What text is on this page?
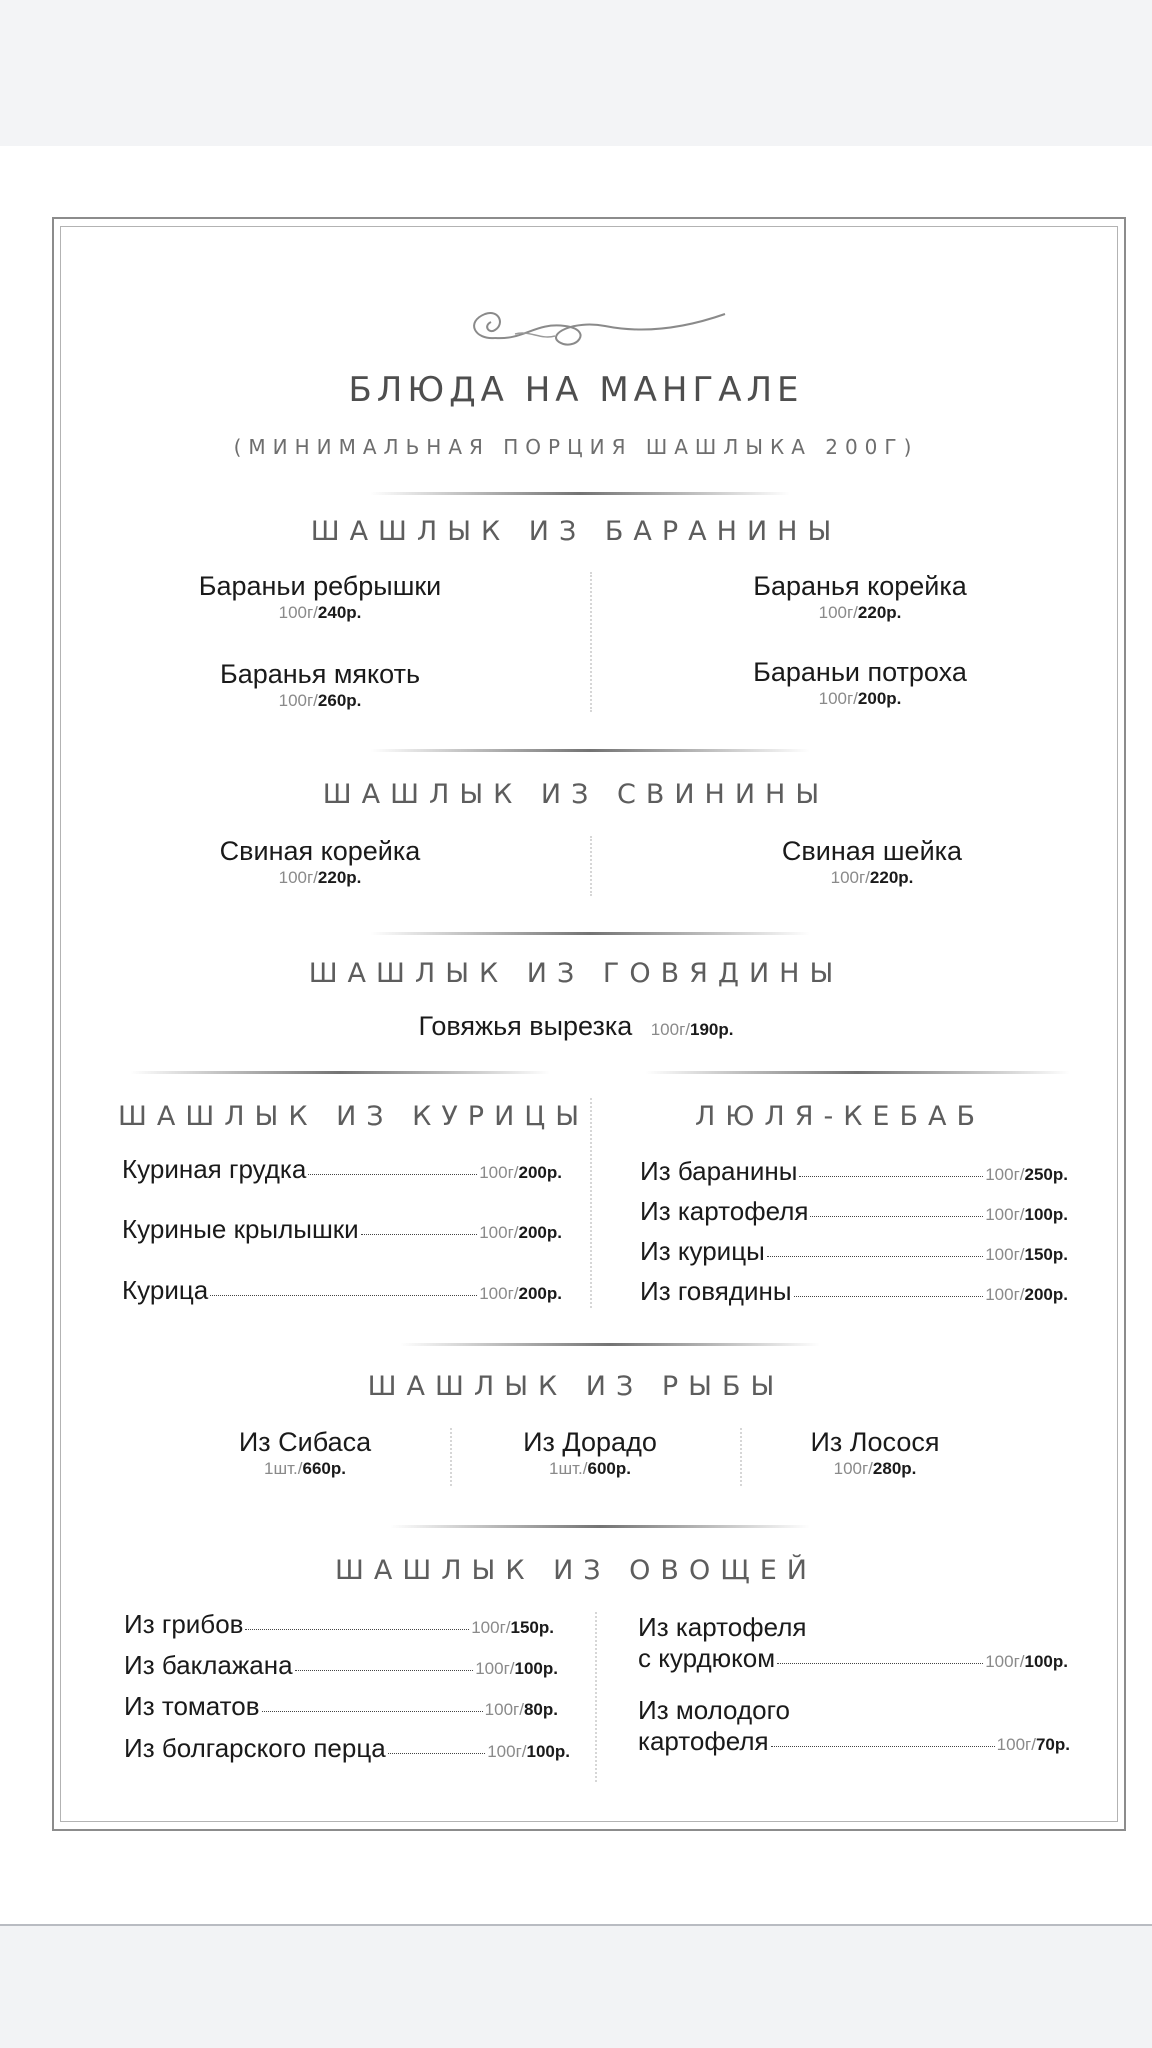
БЛЮДА НА МАНГАЛЕ
(МИНИМАЛЬНАЯ ПОРЦИЯ ШАШЛЫКА 200Г)
ШАШЛЫК ИЗ БАРАНИНЫ
Бараньи ребрышки
100г/240р.
Баранья корейка
100г/220р.
Баранья мякоть
100г/260р.
Бараньи потроха
100г/200р.
ШАШЛЫК ИЗ СВИНИНЫ
Свиная корейка
100г/220р.
Свиная шейка
100г/220р.
ШАШЛЫК ИЗ ГОВЯДИНЫ
Говяжья вырезка 100г/190р.
ШАШЛЫК ИЗ КУРИЦЫ
Куриная грудка	100г/200р.
Куриные крылышки	100г/200р.
Курица	100г/200р.
ЛЮЛЯ-КЕБАБ
Из баранины	100г/250р.
Из картофеля	100г/100р.
Из курицы	100г/150р.
Из говядины	100г/200р.
ШАШЛЫК ИЗ РЫБЫ
Из Сибаса
1шт./660р.
Из Дорадо
1шт./600р.
Из Лосося
100г/280р.
ШАШЛЫК ИЗ ОВОЩЕЙ
Из грибов	100г/150р.
Из баклажана	100г/100р.
Из томатов	100г/80р.
Из болгарского перца	100г/100р.
Из картофеля
с курдюком	100г/100р.
Из молодого
картофеля	100г/70р.
